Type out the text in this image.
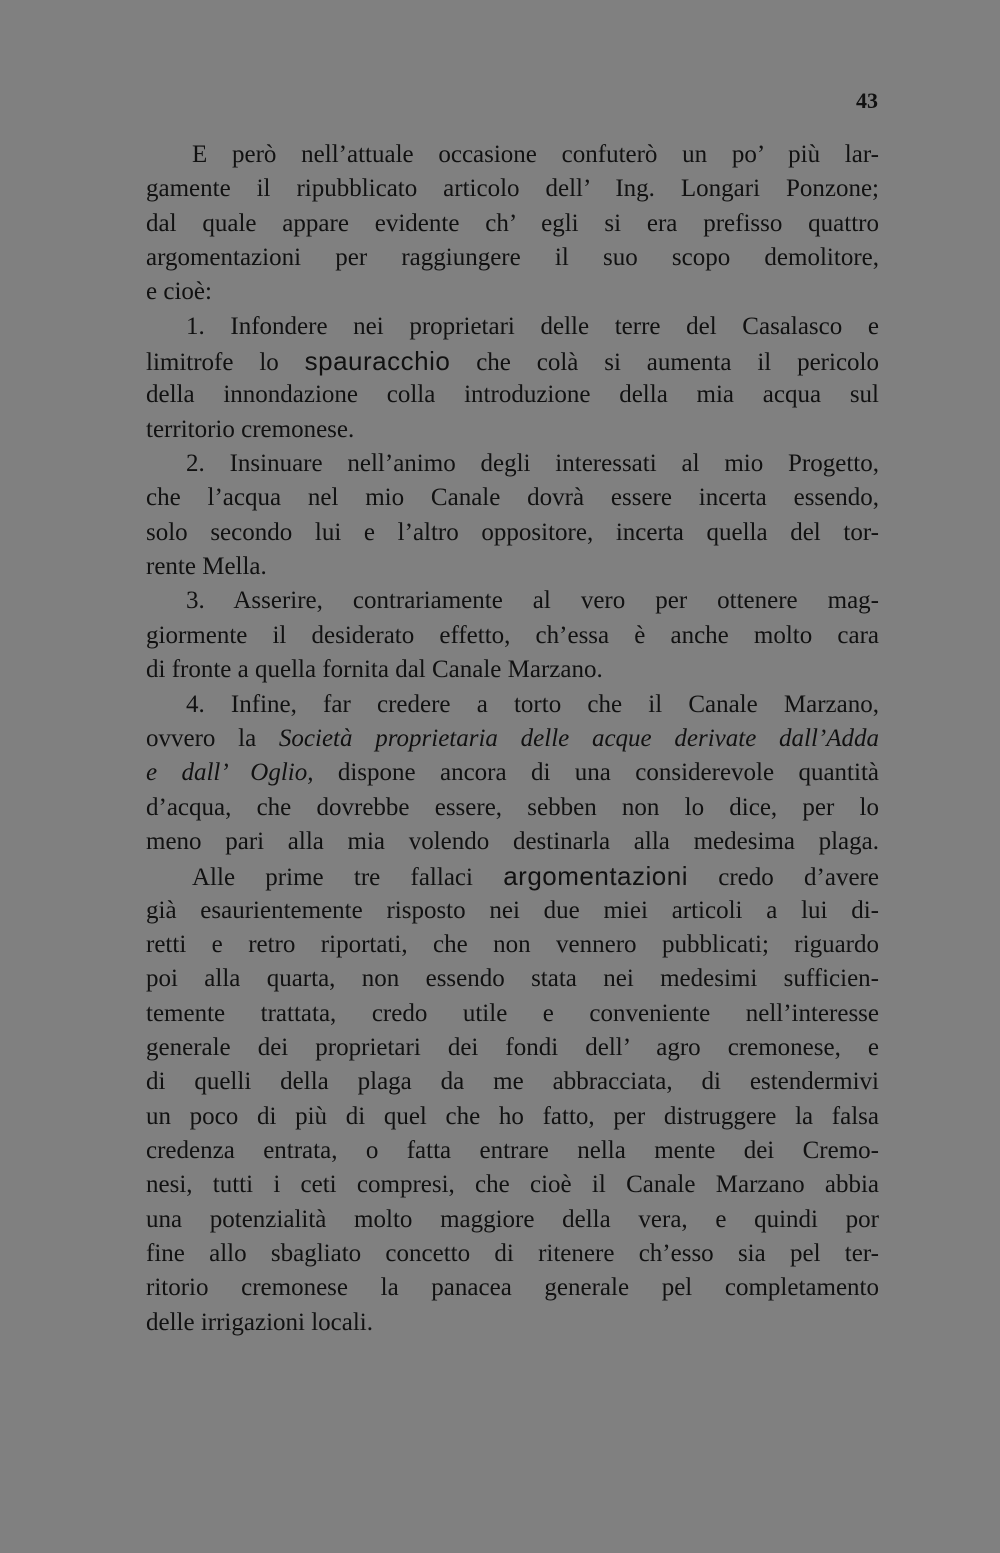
43
E però nell’attuale occasione confuterò un po’ più lar-
gamente il ripubblicato articolo dell’ Ing. Longari Ponzone;
dal quale appare evidente ch’ egli si era prefisso quattro
argomentazioni per raggiungere il suo scopo demolitore,
e cioè:
1. Infondere nei proprietari delle terre del Casalasco e
limitrofe lo spauracchio che colà si aumenta il pericolo
della innondazione colla introduzione della mia acqua sul
territorio cremonese.
2. Insinuare nell’animo degli interessati al mio Progetto,
che l’acqua nel mio Canale dovrà essere incerta essendo,
solo secondo lui e l’altro oppositore, incerta quella del tor-
rente Mella.
3. Asserire, contrariamente al vero per ottenere mag-
giormente il desiderato effetto, ch’essa è anche molto cara
di fronte a quella fornita dal Canale Marzano.
4. Infine, far credere a torto che il Canale Marzano,
ovvero la Società proprietaria delle acque derivate dall’Adda
e dall’ Oglio, dispone ancora di una considerevole quantità
d’acqua, che dovrebbe essere, sebben non lo dice, per lo
meno pari alla mia volendo destinarla alla medesima plaga.
Alle prime tre fallaci argomentazioni credo d’avere
già esaurientemente risposto nei due miei articoli a lui di-
retti e retro riportati, che non vennero pubblicati; riguardo
poi alla quarta, non essendo stata nei medesimi sufficien-
temente trattata, credo utile e conveniente nell’interesse
generale dei proprietari dei fondi dell’ agro cremonese, e
di quelli della plaga da me abbracciata, di estendermivi
un poco di più di quel che ho fatto, per distruggere la falsa
credenza entrata, o fatta entrare nella mente dei Cremo-
nesi, tutti i ceti compresi, che cioè il Canale Marzano abbia
una potenzialità molto maggiore della vera, e quindi por
fine allo sbagliato concetto di ritenere ch’esso sia pel ter-
ritorio cremonese la panacea generale pel completamento
delle irrigazioni locali.
